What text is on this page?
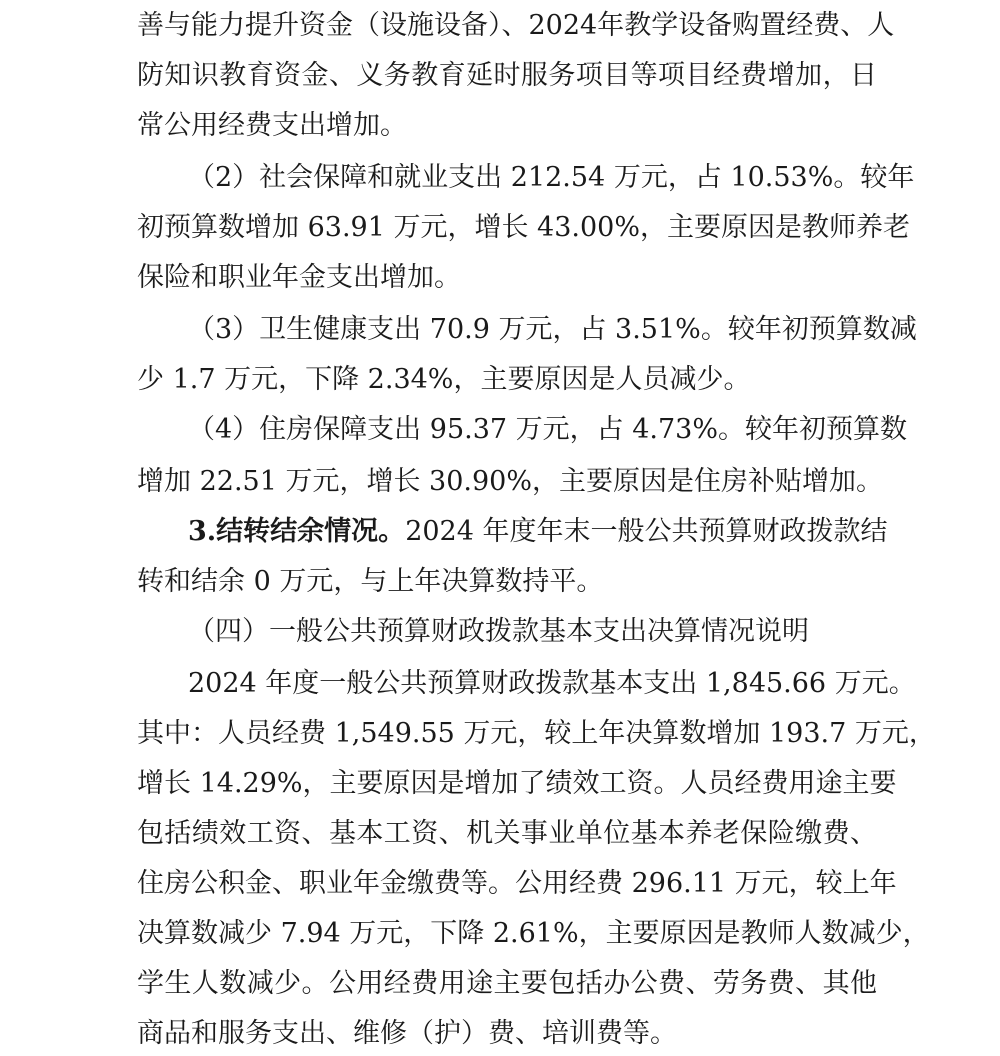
善与能力提升资金（设施设备）、2024年教学设备购置经费、人
防知识教育资金、义务教育延时服务项目等项目经费增加，日
常公用经费支出增加。
（2）社会保障和就业支出 212.54 万元，占 10.53%。较年
初预算数增加 63.91 万元，增长 43.00%，主要原因是教师养老
保险和职业年金支出增加。
（3）卫生健康支出 70.9 万元，占 3.51%。较年初预算数减
少 1.7 万元，下降 2.34%，主要原因是人员减少。
（4）住房保障支出 95.37 万元，占 4.73%。较年初预算数
增加 22.51 万元，增长 30.90%，主要原因是住房补贴增加。
3.结转结余情况。 2024 年度年末一般公共预算财政拨款结
转和结余 0 万元，与上年决算数持平。
（四）一般公共预算财政拨款基本支出决算情况说明
2024 年度一般公共预算财政拨款基本支出 1,845.66 万元。
其中：人员经费 1,549.55 万元，较上年决算数增加 193.7 万元，
增长 14.29%，主要原因是增加了绩效工资。人员经费用途主要
包括绩效工资、基本工资、机关事业单位基本养老保险缴费、
住房公积金、职业年金缴费等。公用经费 296.11 万元，较上年
决算数减少 7.94 万元，下降 2.61%，主要原因是教师人数减少，
学生人数减少。公用经费用途主要包括办公费、劳务费、其他
商品和服务支出、维修（护）费、培训费等。
